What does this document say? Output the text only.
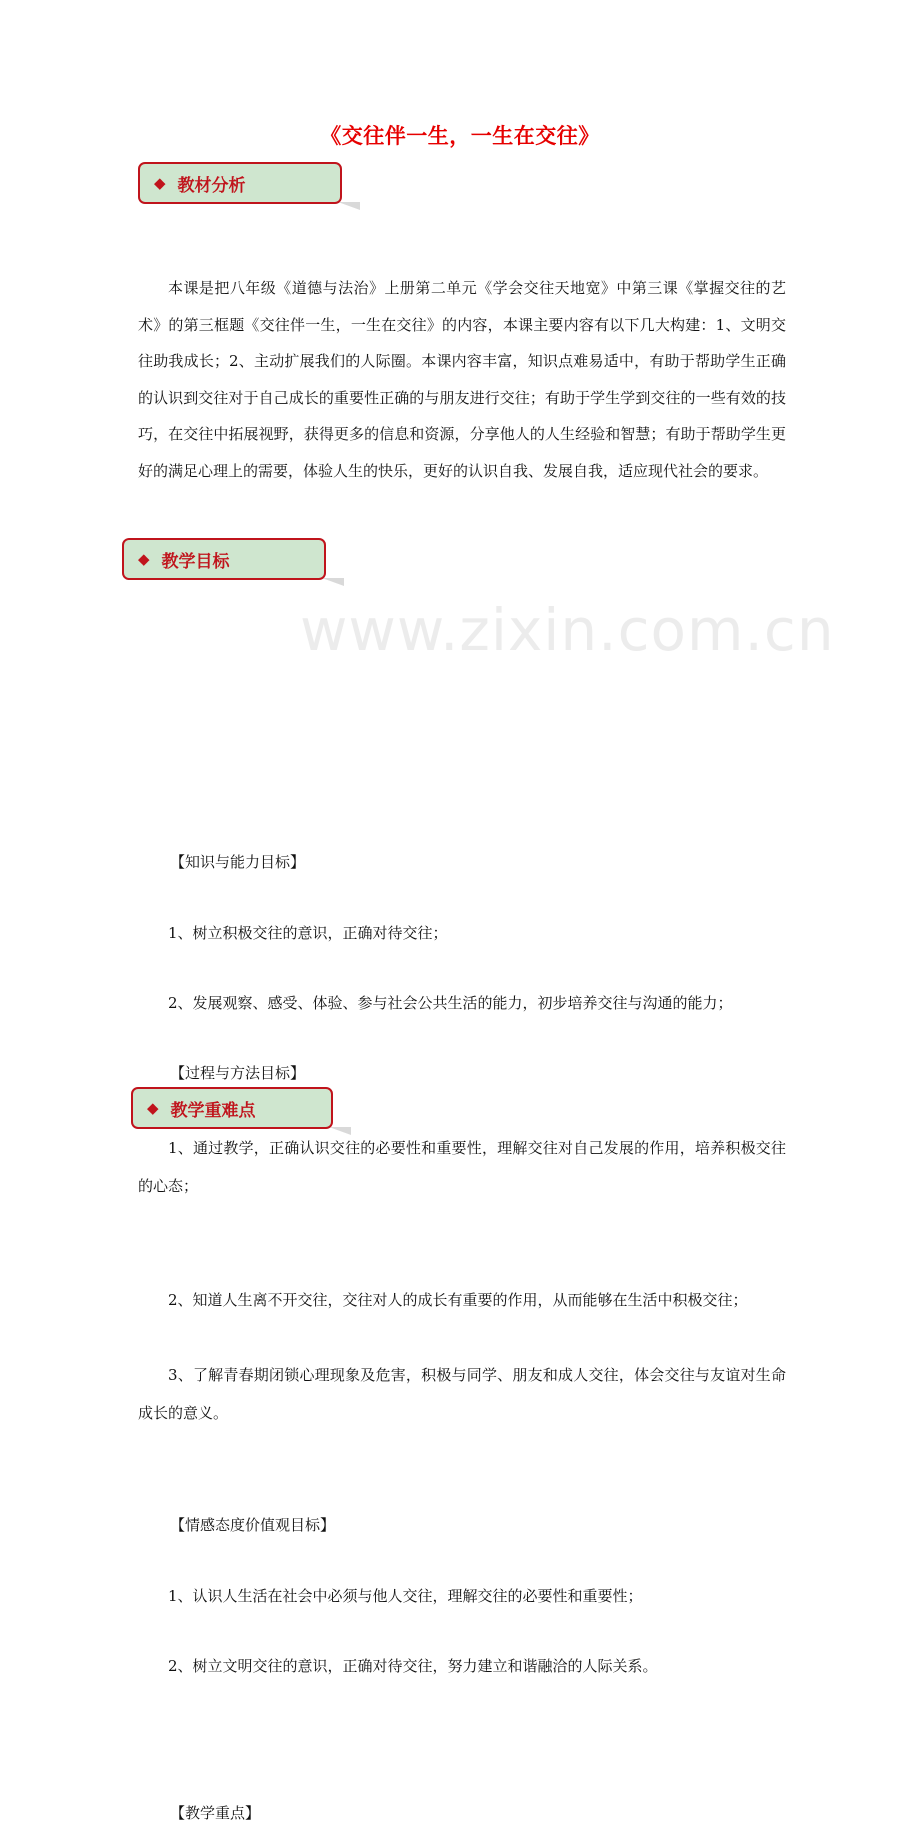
www.zixin.com.cn
《交往伴一生，一生在交往》
◆ 教材分析

本课是把八年级《道德与法治》上册第二单元《学会交往天地宽》中第三课《掌握交往的艺术》的第三框题《交往伴一生，一生在交往》的内容，本课主要内容有以下几大构建：1、文明交往助我成长；2、主动扩展我们的人际圈。本课内容丰富，知识点难易适中，有助于帮助学生正确的认识到交往对于自己成长的重要性正确的与朋友进行交往；有助于学生学到交往的一些有效的技巧，在交往中拓展视野，获得更多的信息和资源，分享他人的人生经验和智慧；有助于帮助学生更好的满足心理上的需要，体验人生的快乐，更好的认识自我、发展自我，适应现代社会的要求。

◆ 教学目标
【知识与能力目标】
1、树立积极交往的意识，正确对待交往；
2、发展观察、感受、体验、参与社会公共生活的能力，初步培养交往与沟通的能力；
【过程与方法目标】
1、通过教学，正确认识交往的必要性和重要性，理解交往对自己发展的作用，培养积极交往的心态；
2、知道人生离不开交往，交往对人的成长有重要的作用，从而能够在生活中积极交往；
3、了解青春期闭锁心理现象及危害，积极与同学、朋友和成人交往，体会交往与友谊对生命成长的意义。
【情感态度价值观目标】
1、认识人生活在社会中必须与他人交往，理解交往的必要性和重要性；
2、树立文明交往的意识，正确对待交往，努力建立和谐融洽的人际关系。
◆ 教学重难点
【教学重点】
